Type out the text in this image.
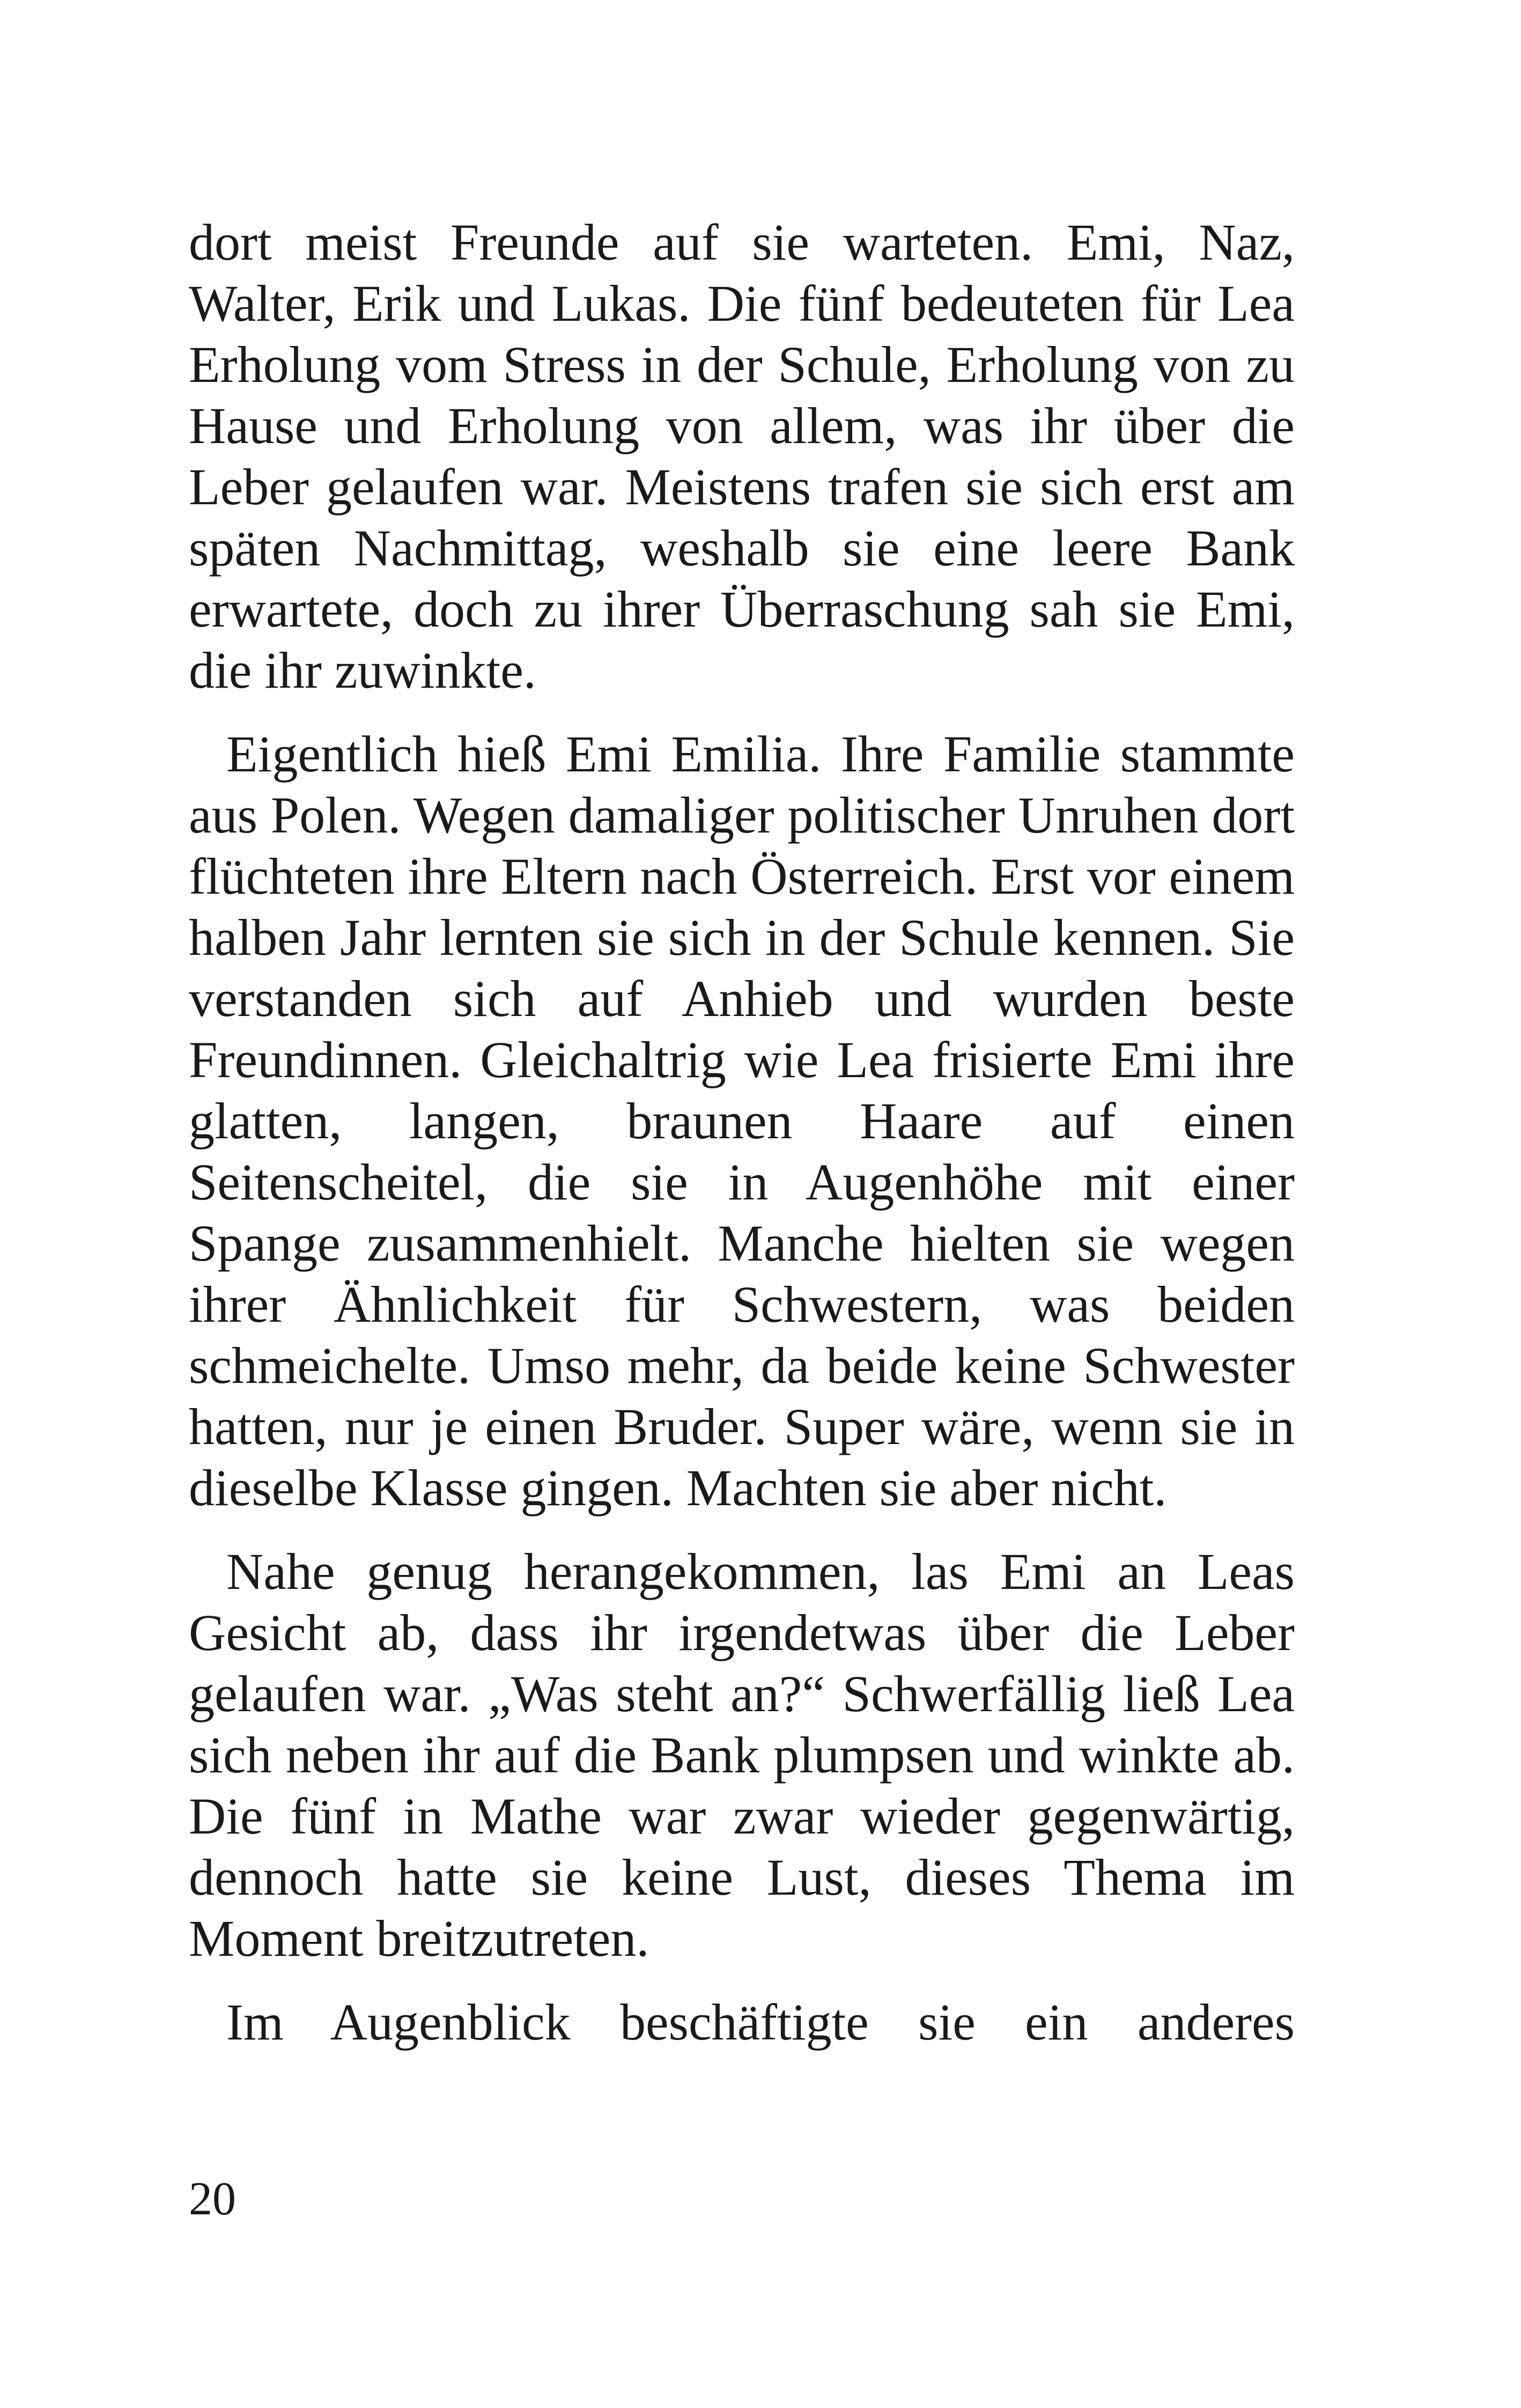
dort meist Freunde auf sie warteten. Emi, Naz, Walter, Erik und Lukas. Die fünf bedeuteten für Lea Erholung vom Stress in der Schule, Erholung von zu Hause und Erholung von allem, was ihr über die Leber gelaufen war. Meistens trafen sie sich erst am späten Nachmittag, weshalb sie eine leere Bank erwartete, doch zu ihrer Überraschung sah sie Emi, die ihr zuwinkte.

Eigentlich hieß Emi Emilia. Ihre Familie stammte aus Polen. Wegen damaliger politischer Unruhen dort flüchteten ihre Eltern nach Österreich. Erst vor einem halben Jahr lernten sie sich in der Schule kennen. Sie verstanden sich auf Anhieb und wurden beste Freundinnen. Gleichaltrig wie Lea frisierte Emi ihre glatten, langen, braunen Haare auf einen Seitenscheitel, die sie in Augenhöhe mit einer Spange zusammenhielt. Manche hielten sie wegen ihrer Ähnlichkeit für Schwestern, was beiden schmeichelte. Umso mehr, da beide keine Schwester hatten, nur je einen Bruder. Super wäre, wenn sie in dieselbe Klasse gingen. Machten sie aber nicht.

Nahe genug herangekommen, las Emi an Leas Gesicht ab, dass ihr irgendetwas über die Leber gelaufen war. „Was steht an?“ Schwerfällig ließ Lea sich neben ihr auf die Bank plumpsen und winkte ab. Die fünf in Mathe war zwar wieder gegenwärtig, dennoch hatte sie keine Lust, dieses Thema im Moment breitzutreten.

Im Augenblick beschäftigte sie ein anderes

20
